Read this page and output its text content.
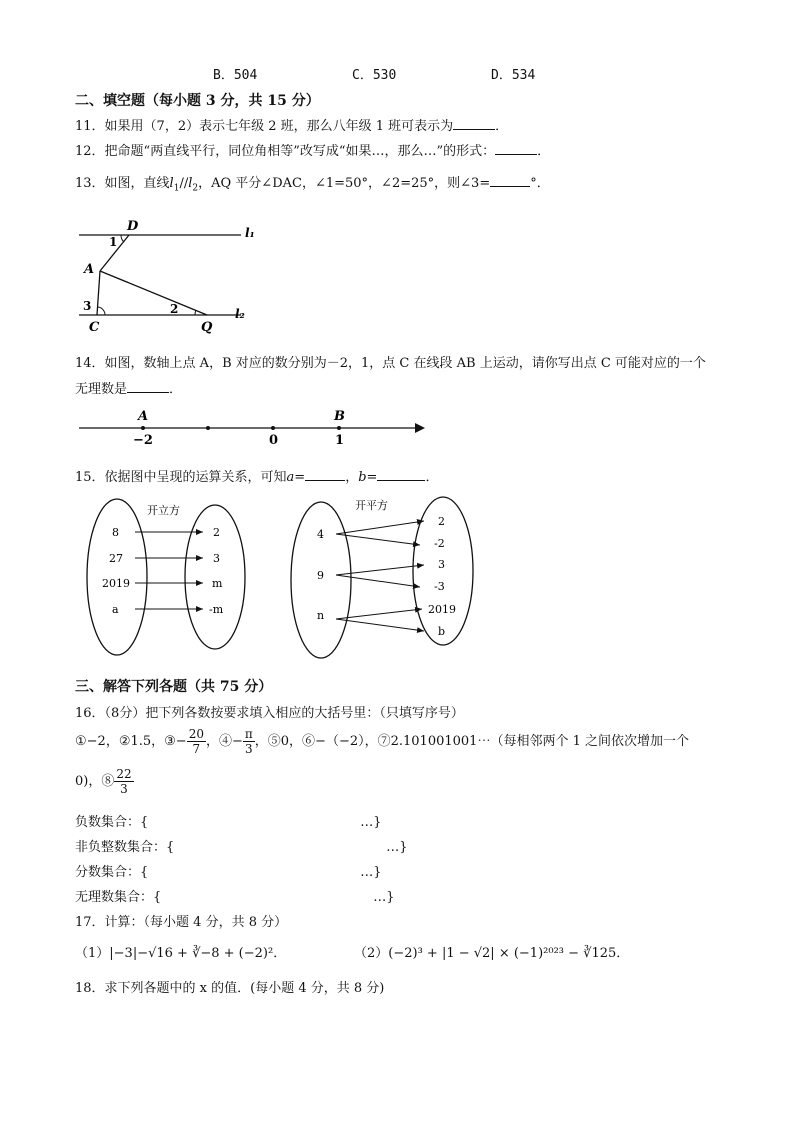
B．504	C．530	D．534
二、填空题（每小题 3 分，共 15 分）
11．如果用（7，2）表示七年级 2 班，那么八年级 1 班可表示为	．
12．把命题“两直线平行，同位角相等”改写成“如果…，那么…”的形式：	．
13．如图，直线$l_1//l_2$，AQ 平分∠DAC，∠1=50°，∠2=25°，则∠3=	°．
D
1
A
3	2
C	Q
l₁
l₂
14．如图，数轴上点 A，B 对应的数分别为－2，1，点 C 在线段 AB 上运动，请你写出点 C 可能对应的一个
无理数是	．
A	B
−2	0	1
15．依据图中呈现的运算关系，可知a=	，b=	．
开立方
8
27
2019
a
2
3
m
-m
开平方
4
9
n
2
-2
3
-3
2019
b
三、解答下列各题（共 75 分）
16．（8分）把下列各数按要求填入相应的大括号里：（只填写序号）
①−2，②1.5，③− $\frac{20}{7}$ ，④− $\frac{\pi}{3}$ ，⑤0，⑥−（−2），⑦2.101001001⋯（每相邻两个 1 之间依次增加一个
0)，⑧ $\frac{22}{3}$
负数集合：{	…}
非负整数集合：{	…}
分数集合：{	…}
无理数集合：{	…}
17．计算：（每小题 4 分，共 8 分）
（1）|−3|−√16 + ∛−8 + (−2)²．	（2）(−2)³ + |1 − √2| × (−1)²⁰²³ − ∛125．
18．求下列各题中的 x 的值．(每小题 4 分，共 8 分)
